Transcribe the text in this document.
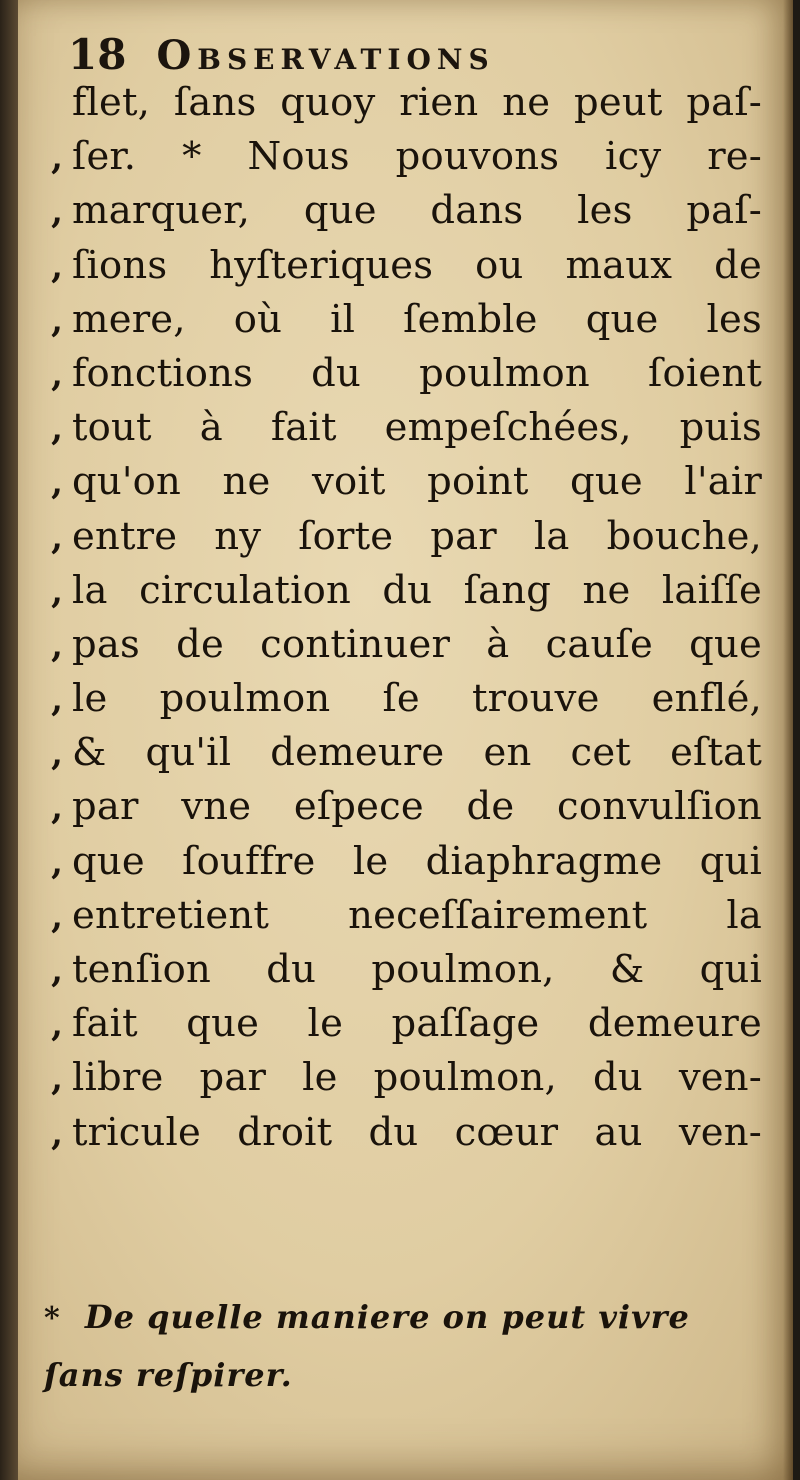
18 Observations
flet, ſans quoy rien ne peut paſ-
, ſer. * Nous pouvons icy re-
, marquer, que dans les paſ-
, ſions hyſteriques ou maux de
, mere, où il ſemble que les
, fonctions du poulmon ſoient
, tout à fait empeſchées, puis
, qu'on ne voit point que l'air
, entre ny ſorte par la bouche,
, la circulation du ſang ne laiſſe
, pas de continuer à cauſe que
, le poulmon ſe trouve enflé,
, & qu'il demeure en cet eſtat
, par vne eſpece de convulſion
, que ſouffre le diaphragme qui
, entretient neceſſairement la
, tenſion du poulmon, & qui
, fait que le paſſage demeure
, libre par le poulmon, du ven-
, tricule droit du cœur au ven-
* De quelle maniere on peut vivre
ſans reſpirer.
